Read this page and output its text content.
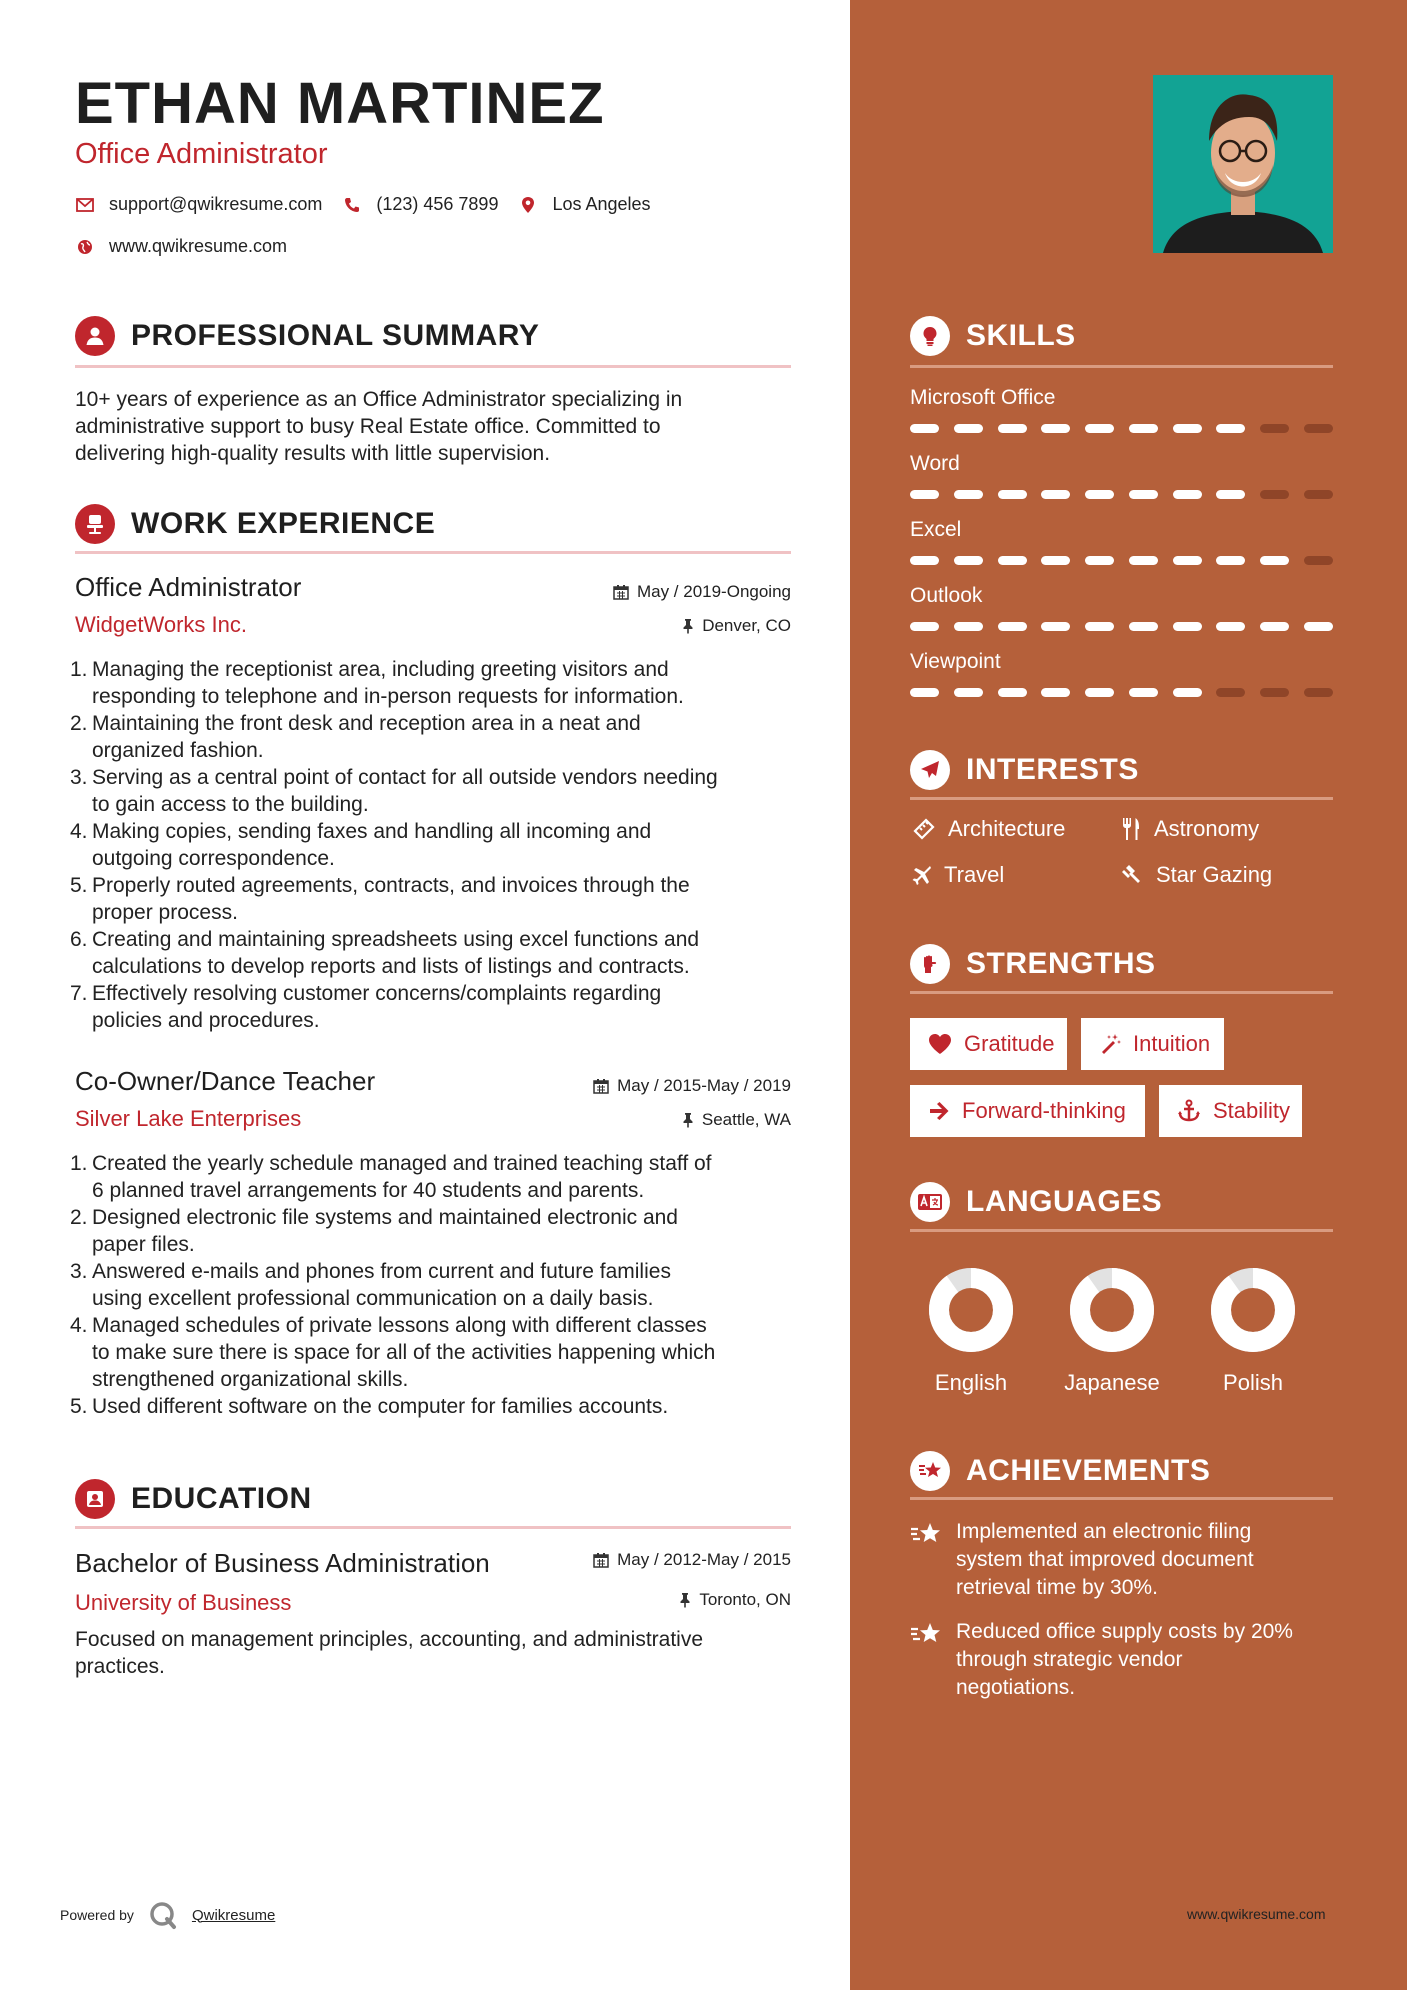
ETHAN MARTINEZ
Office Administrator
support@qwikresume.com	(123) 456 7899	Los Angeles
www.qwikresume.com
PROFESSIONAL SUMMARY
10+ years of experience as an Office Administrator specializing in
administrative support to busy Real Estate office. Committed to
delivering high-quality results with little supervision.
WORK EXPERIENCE
Office Administrator	May / 2019-Ongoing
WidgetWorks Inc.	Denver, CO
1. Managing the receptionist area, including greeting visitors and
responding to telephone and in-person requests for information.
2. Maintaining the front desk and reception area in a neat and
organized fashion.
3. Serving as a central point of contact for all outside vendors needing
to gain access to the building.
4. Making copies, sending faxes and handling all incoming and
outgoing correspondence.
5. Properly routed agreements, contracts, and invoices through the
proper process.
6. Creating and maintaining spreadsheets using excel functions and
calculations to develop reports and lists of listings and contracts.
7. Effectively resolving customer concerns/complaints regarding
policies and procedures.
Co-Owner/Dance Teacher	May / 2015-May / 2019
Silver Lake Enterprises	Seattle, WA
1. Created the yearly schedule managed and trained teaching staff of
6 planned travel arrangements for 40 students and parents.
2. Designed electronic file systems and maintained electronic and
paper files.
3. Answered e-mails and phones from current and future families
using excellent professional communication on a daily basis.
4. Managed schedules of private lessons along with different classes
to make sure there is space for all of the activities happening which
strengthened organizational skills.
5. Used different software on the computer for families accounts.
EDUCATION
Bachelor of Business Administration	May / 2012-May / 2015
University of Business	Toronto, ON
Focused on management principles, accounting, and administrative
practices.
Powered by	Qwikresume
SKILLS
Microsoft Office
Word
Excel
Outlook
Viewpoint
INTERESTS
Architecture	Astronomy
Travel	Star Gazing
STRENGTHS
Gratitude	Intuition
Forward-thinking	Stability
LANGUAGES
English	Japanese	Polish
ACHIEVEMENTS
Implemented an electronic filing
system that improved document
retrieval time by 30%.
Reduced office supply costs by 20%
through strategic vendor
negotiations.
www.qwikresume.com
